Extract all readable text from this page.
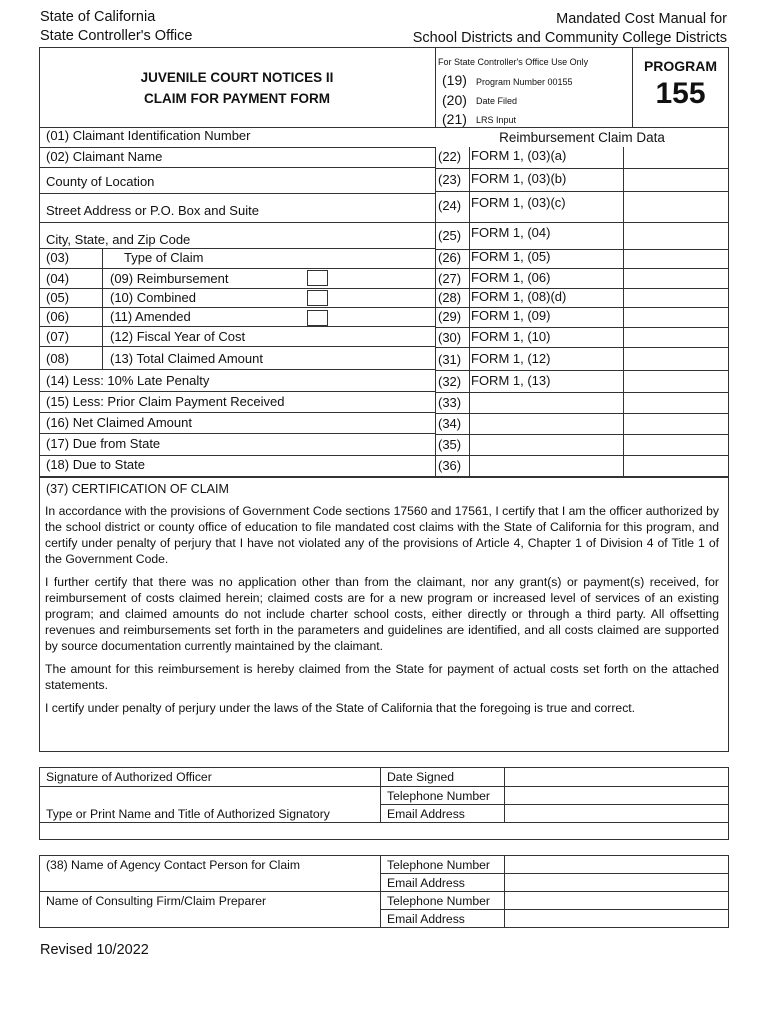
State of California
State Controller's Office
Mandated Cost Manual for
School Districts and Community College Districts
JUVENILE COURT NOTICES II
CLAIM FOR PAYMENT FORM
For State Controller's Office Use Only
(19) Program Number 00155
(20) Date Filed
(21) LRS Input
PROGRAM
155
(01) Claimant Identification Number
(02) Claimant Name
County of Location
Street Address or P.O. Box and Suite
City, State, and Zip Code
(03)	Type of Claim
(04)	(09) Reimbursement
(05)	(10) Combined
(06)	(11) Amended
(07)	(12) Fiscal Year of Cost
(08)	(13) Total Claimed Amount
(14) Less: 10% Late Penalty
(15) Less: Prior Claim Payment Received
(16) Net Claimed Amount
(17) Due from State
(18) Due to State
Reimbursement Claim Data
(22) FORM 1, (03)(a)
(23) FORM 1, (03)(b)
(24) FORM 1, (03)(c)
(25) FORM 1, (04)
(26) FORM 1, (05)
(27) FORM 1, (06)
(28) FORM 1, (08)(d)
(29) FORM 1, (09)
(30) FORM 1, (10)
(31) FORM 1, (12)
(32) FORM 1, (13)
(33)
(34)
(35)
(36)
(37) CERTIFICATION OF CLAIM

In accordance with the provisions of Government Code sections 17560 and 17561, I certify that I am the officer authorized by the school district or county office of education to file mandated cost claims with the State of California for this program, and certify under penalty of perjury that I have not violated any of the provisions of Article 4, Chapter 1 of Division 4 of Title 1 of the Government Code.

I further certify that there was no application other than from the claimant, nor any grant(s) or payment(s) received, for reimbursement of costs claimed herein; claimed costs are for a new program or increased level of services of an existing program; and claimed amounts do not include charter school costs, either directly or through a third party. All offsetting revenues and reimbursements set forth in the parameters and guidelines are identified, and all costs claimed are supported by source documentation currently maintained by the claimant.

The amount for this reimbursement is hereby claimed from the State for payment of actual costs set forth on the attached statements.

I certify under penalty of perjury under the laws of the State of California that the foregoing is true and correct.

Signature of Authorized Officer	Date Signed
Telephone Number
Type or Print Name and Title of Authorized Signatory	Email Address
(38) Name of Agency Contact Person for Claim	Telephone Number
Email Address
Name of Consulting Firm/Claim Preparer	Telephone Number
Email Address
Revised 10/2022
